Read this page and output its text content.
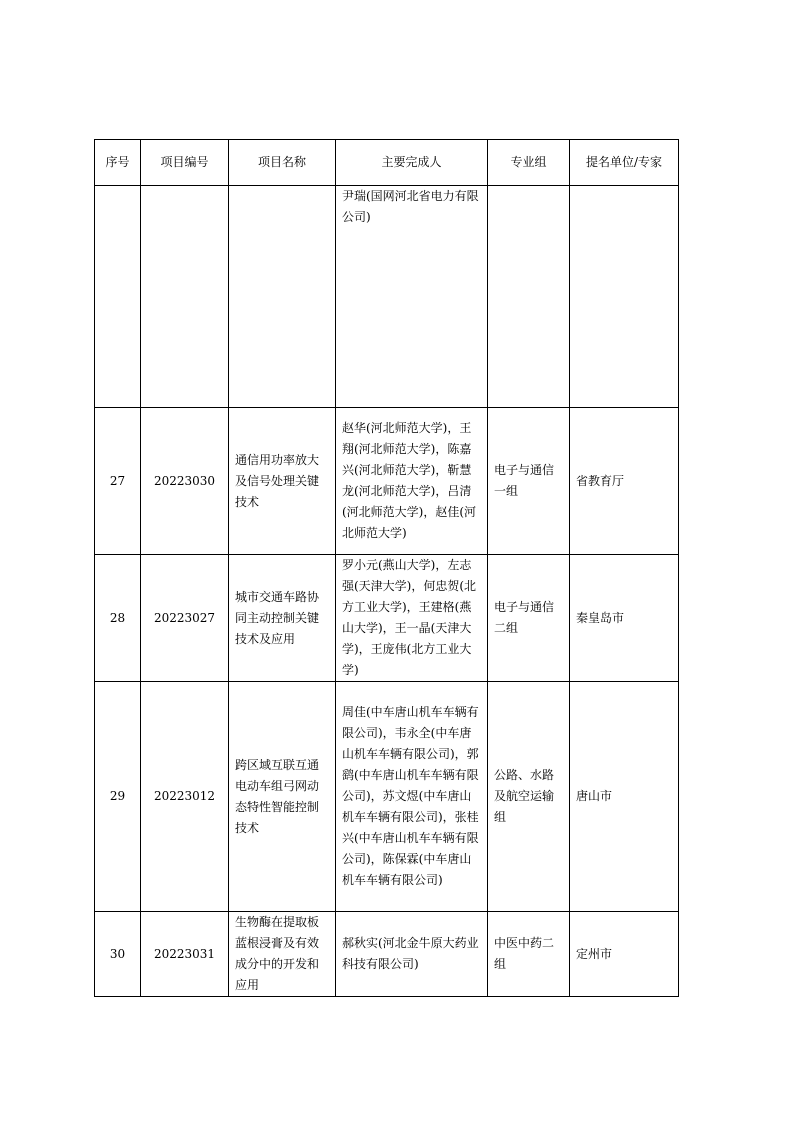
序号	项目编号	项目名称	主要完成人	专业组	提名单位/专家
			尹瑞(国网河北省电力有限公司)		
27	20223030	通信用功率放大及信号处理关键技术	赵华(河北师范大学)，王翔(河北师范大学)，陈嘉兴(河北师范大学)，靳慧龙(河北师范大学)，吕清(河北师范大学)，赵佳(河北师范大学)	电子与通信一组	省教育厅
28	20223027	城市交通车路协同主动控制关键技术及应用	罗小元(燕山大学)，左志强(天津大学)，何忠贺(北方工业大学)，王建格(燕山大学)，王一晶(天津大学)，王庞伟(北方工业大学)	电子与通信二组	秦皇岛市
29	20223012	跨区域互联互通电动车组弓网动态特性智能控制技术	周佳(中车唐山机车车辆有限公司)，韦永全(中车唐山机车车辆有限公司)，郭鹞(中车唐山机车车辆有限公司)，苏文煜(中车唐山机车车辆有限公司)，张桂兴(中车唐山机车车辆有限公司)，陈保霖(中车唐山机车车辆有限公司)	公路、水路及航空运输组	唐山市
30	20223031	生物酶在提取板蓝根浸膏及有效成分中的开发和应用	郝秋实(河北金牛原大药业科技有限公司)	中医中药二组	定州市
